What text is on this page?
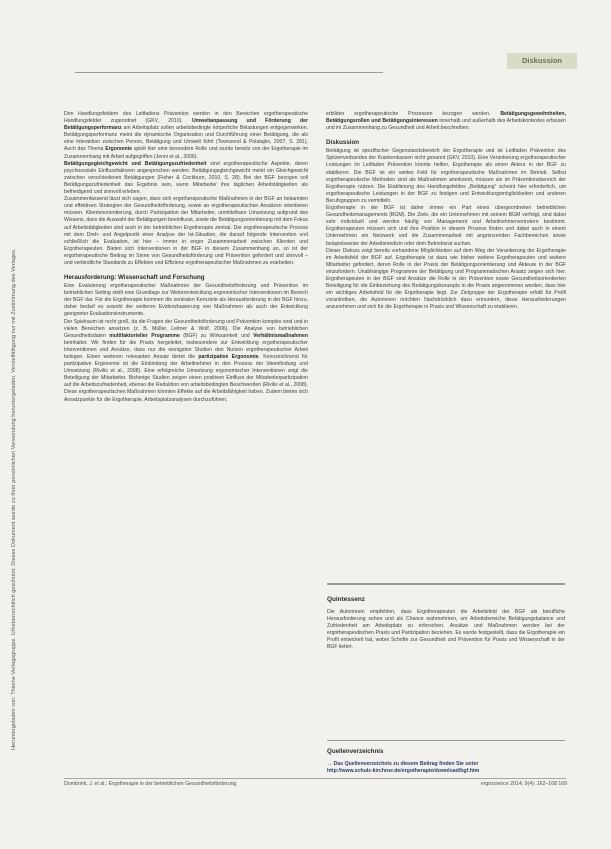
Diskussion
Heruntergeladen von: Thieme Verlagsgruppe. Urheberrechtlich geschützt. Dieses Dokument wurde zu Ihrer persönlichen Verwendung heruntergeladen. Vervielfältigung nur mit Zustimmung des Verlages.

Den Handlungsfeldern des Leitfadens Prävention werden in den Bereichen ergotherapeutische Handlungsfelder zugeordnet (GKV, 2010). Umweltanpassung und Förderung der Betätigungsperformanz am Arbeitsplatz sollen arbeitsbedingte körperliche Belastungen entgegenwirken. Betätigungsperformanz meint die dynamische Organisation und Durchführung einer Betätigung, die als eine Interaktion zwischen Person, Betätigung und Umwelt führt (Townsend & Polatajko, 2007, S. 281). Auch das Thema Ergonomie spielt hier eine besondere Rolle und wurde bereits von der Ergotherapie im Zusammenhang mit Arbeit aufgegriffen (Jenni et al., 2006).

Betätigungsgleichgewicht und Betätigungszufriedenheit sind ergotherapeutische Aspekte, deren psychosoziale Einflussfaktoren angesprochen werden. Betätigungsgleichgewicht meint ein Gleichgewicht zwischen verschiedenen Betätigungen (Fisher & Cockburn, 2010, S. 28). Bei der BGF bezogen soll Betätigungszufriedenheit das Ergebnis sein, wenn Mitarbeiter ihre täglichen Arbeitstätigkeiten als befriedigend und sinnvoll erleben.

Zusammenfassend lässt sich sagen, dass sich ergotherapeutische Maßnahmen in der BGF an bekannten und effektiven Strategien der Gesundheitsförderung, sowie an ergotherapeutischen Ansätzen orientieren müssen. Klientenorientierung, durch Partizipation der Mitarbeiter, unmittelbare Umsetzung aufgrund des Wissens, dass die Auswahl der Betätigungen beeinflusst, sowie die Betätigungsorientierung mit dem Fokus auf Arbeitstätigkeiten sind auch in der betrieblichen Ergotherapie zentral. Der ergotherapeutische Prozess mit dem Dreh- und Angelpunkt einer Analyse der Ist-Situation, die darauf folgende Intervention und schließlich die Evaluation, ist hier – immer in enger Zusammenarbeit zwischen Klienten und Ergotherapeuten. Bieten sich Interventionen in der BGF in diesem Zusammenhang an, so ist der ergotherapeutische Beitrag im Sinne von Gesundheitsförderung und Prävention gefordert und sinnvoll – und verbindliche Standards zu Effekten und Effizienz ergotherapeutischer Maßnahmen zu erarbeiten.

Herausforderung: Wissenschaft und Forschung

Eine Evaluierung ergotherapeutischer Maßnahmen der Gesundheitsförderung und Prävention im betrieblichen Setting stellt eine Grundlage zur Weiterentwicklung ergonomischer Interventionen im Bereich der BGF dar. Für die Ergotherapie kommen die zentralen Kernziele als Herausforderung in der BGF hinzu, daher bedarf es sowohl der weiteren Evidenzbasierung von Maßnahmen als auch der Entwicklung geeigneter Evaluationsinstrumente.

Der Spielraum ist recht groß, da die Fragen der Gesundheitsförderung und Prävention komplex sind und in vielen Bereichen ansetzen (z. B. Müller, Leitner & Wolf, 2006). Die Analyse von betrieblichen Gesundheitsdaten multifaktorieller Programme (BGF) zu Wirksamkeit und Verhältnismaßnahmen beinhaltet. Wir finden für die Praxis hergeleitet, insbesondere zur Entwicklung ergotherapeutischer Interventionen und Ansätze, dass nur die wenigsten Studien den Nutzen ergotherapeutischer Arbeit belegen. Einen weiteren relevanten Ansatz bietet die partizipative Ergonomie. Kennzeichnend für partizipative Ergonomie ist die Einbindung der Arbeitnehmer in den Prozess der Ideenfindung und Umsetzung (Rivilis et al., 2008). Eine erfolgreiche Umsetzung ergonomischer Interventionen zeigt die Beteiligung der Mitarbeiter. Bisherige Studien zeigen einen positiven Einfluss der Mitarbeiterpartizipation auf die Arbeitszufriedenheit, ebenso die Reduktion von arbeitsbedingten Beschwerden (Rivilis et al., 2008). Diese ergotherapeutischen Maßnahmen könnten Effekte auf die Arbeitsfähigkeit haben. Zudem bieten sich Ansatzpunkte für die Ergotherapie, Arbeitsplatzanalysen durchzuführen.

erbilden ergotherapeutische Prozessen bezogen werden. Betätigungsgewohnheiten, Betätigungsrollen und Betätigungsinteressen innerhalb und außerhalb des Arbeitskontextes erfassen und im Zusammenhang zu Gesundheit und Arbeit beschreiben.

Diskussion

Betätigung ist spezifischer Gegenstandsbereich der Ergotherapie und ist Leitfaden Prävention des Spitzenverbandes der Krankenkassen nicht genannt (GKV, 2010). Eine Verankerung ergotherapeutischer Leistungen im Leitfaden Prävention könnte helfen, Ergotherapie als einen Akteur in der BGF zu etablieren. Die BGF ist ein weites Feld für ergotherapeutische Maßnahmen im Betrieb. Selbst ergotherapeutische Methoden sind als Maßnahmen anerkannt, müssen sie im Präventionsbereich der Ergotherapie nützen. Die Etablierung des Handlungsfeldes „Betätigung“ scheint hier erforderlich, um ergotherapeutische Leistungen in der BGF zu festigen und Entwicklungsmöglichkeiten und anderen Berufsgruppen zu vermitteln.

Ergotherapie in der BGF ist daher immer ein Part eines übergeordneten betrieblichen Gesundheitsmanagements (BGM). Die Ziele, die ein Unternehmen mit seinem BGM verfolgt, sind dabei sehr individuell und werden häufig von Management und Arbeitnehmervertretern bestimmt. Ergotherapeuten müssen sich und ihre Position in diesem Prozess finden und dabei auch in einem Unternehmen ein Netzwerk und die Zusammenarbeit mit angrenzenden Fachbereichen sowie beispielsweise der Arbeitsmedizin oder dem Betriebsrat suchen.

Dieser Diskurs zeigt bereits vorhandene Möglichkeiten auf dem Weg der Verankerung der Ergotherapie im Arbeitsfeld der BGF auf. Ergotherapie ist dazu wie bisher weitere Ergotherapeuten und weitere Mitarbeiter gefordert, deren Rolle in der Praxis der Betätigungsorientierung und Akteure in der BGF einzufordern. Unabhängige Programme der Betätigung und Programmatischen Ansatz zeigen sich hier. Ergotherapeuten in der BGF sind Ansätze die Rolle in der Prävention sowie Gesundheitsorientierten Beteiligung für die Einbeziehung des Betätigungskonzepts in die Praxis angenommen werden, dass hier ein wichtiges Arbeitsfeld für die Ergotherapie liegt. Zur Zielgruppe der Ergotherapie erhält für Profil vorantreiben, die Autorinnen möchten Nachdrücklich dazu ermuntern, diese Herausforderungen anzunehmen und sich für die Ergotherapie in Praxis und Wissenschaft zu etablieren.

Quintessenz

Die Autorinnen empfehlen, dass Ergotherapeuten die Arbeitsfeld der BGF als berufliche Herausforderung sehen und als Chance wahrnehmen, um Arbeitsbereiche Betätigungsbalance und Zufriedenheit am Arbeitsplatz zu erforschen. Ansätze und Maßnahmen werden bei der ergotherapeutischen Praxis und Partizipation beziehen. Es wurde festgestellt, dass die Ergotherapie ein Profil entwickelt hat, wobei Schritte zur Gesundheit und Prävention für Praxis und Wissenschaft in der BGF liefert.

Quellenverzeichnis

→ Das Quellenverzeichnis zu diesem Beitrag finden Sie unter

http://www.schulz-kirchner.de/ergotherapie/download/bgf.htm

Dombrink, J. et al.: Ergotherapie in der betrieblichen Gesundheitsförderung	ergoscience 2014; 9(4): 162–168 169
